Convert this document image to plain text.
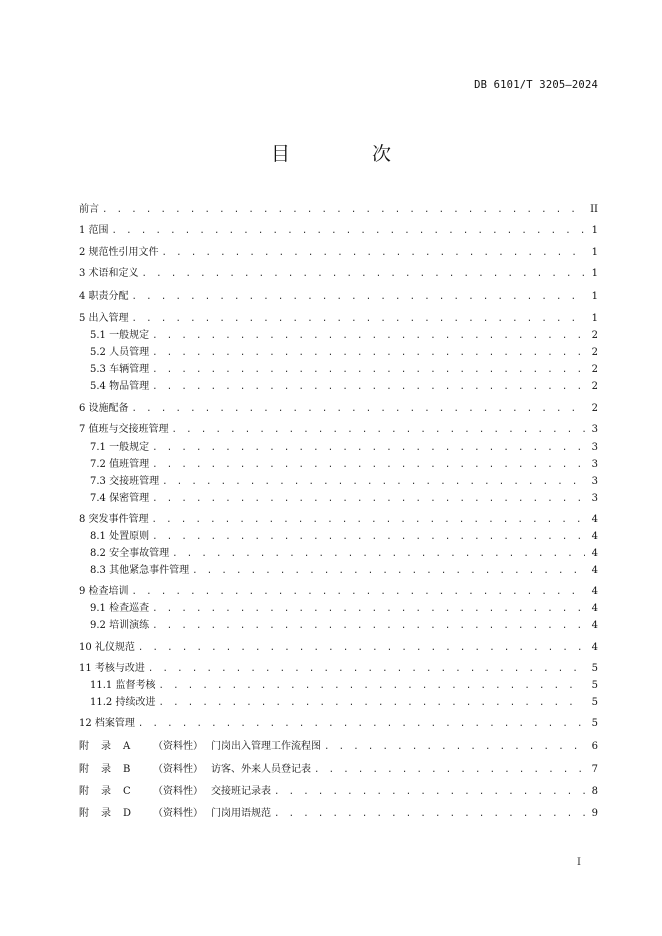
DB 6101/T 3205—2024
目 次
前言 . . .	II
1 范围 . . .	1
2 规范性引用文件 . . .	1
3 术语和定义 . . .	1
4 职责分配 . . .	1
5 出入管理 . . .	1
5.1 一般规定 . . .	2
5.2 人员管理 . . .	2
5.3 车辆管理 . . .	2
5.4 物品管理 . . .	2
6 设施配备 . . .	2
7 值班与交接班管理 . . .	3
7.1 一般规定 . . .	3
7.2 值班管理 . . .	3
7.3 交接班管理 . . .	3
7.4 保密管理 . . .	3
8 突发事件管理 . . .	4
8.1 处置原则 . . .	4
8.2 安全事故管理 . . .	4
8.3 其他紧急事件管理 . . .	4
9 检查培训 . . .	4
9.1 检查巡查 . . .	4
9.2 培训演练 . . .	4
10 礼仪规范 . . .	4
11 考核与改进 . . .	5
11.1 监督考核 . . .	5
11.2 持续改进 . . .	5
12 档案管理 . . .	5
附 录 A （资料性） 门岗出入管理工作流程图 . . .	6
附 录 B （资料性） 访客、外来人员登记表 . . .	7
附 录 C （资料性） 交接班记录表 . . .	8
附 录 D （资料性） 门岗用语规范 . . .	9
I
